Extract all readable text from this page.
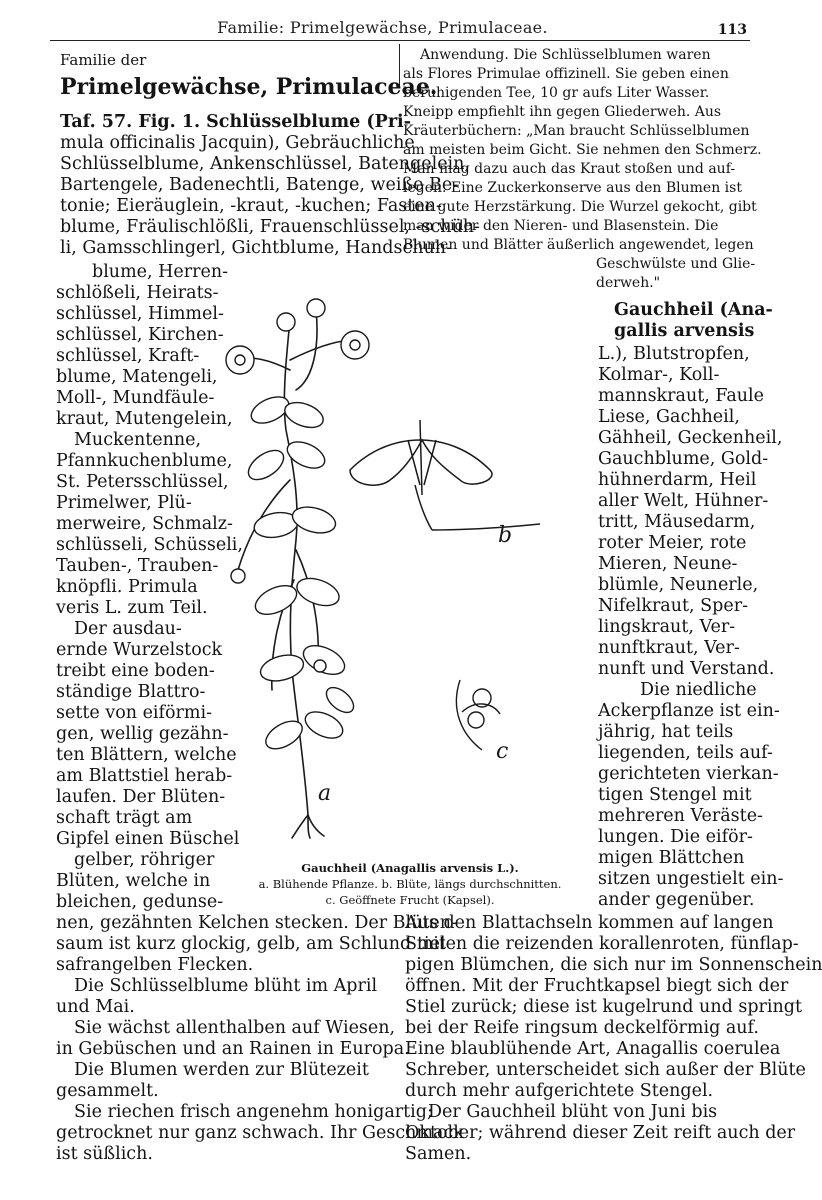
Familie: Primelgewächse, Primulaceae.	113

Familie der

Primelgewächse, Primulaceae.

Taf. 57. Fig. 1. Schlüsselblume (Pri-

mula officinalis Jacquin), Gebräuchliche

Schlüsselblume, Ankenschlüssel, Batengelein,

Bartengele, Badenechtli, Batenge, weiße Be-

tonie; Eieräuglein, -kraut, -kuchen; Fasten-

blume, Fräulischlößli, Frauenschlüssel, -schüh-

li, Gamsschlingerl, Gichtblume, Handschuh-

blume, Herren-

schlößeli, Heirats-

schlüssel, Himmel-

schlüssel, Kirchen-

schlüssel, Kraft-

blume, Matengeli,

Moll-, Mundfäule-

kraut, Mutengelein,

Muckentenne,

Pfannkuchenblume,

St. Petersschlüssel,

Primelwer, Plü-

merweire, Schmalz-

schlüsseli, Schüsseli,

Tauben-, Trauben-

knöpfli. Primula

veris L. zum Teil.

Der ausdau-

ernde Wurzelstock

treibt eine boden-

ständige Blattro-

sette von eiförmi-

gen, wellig gezähn-

ten Blättern, welche

am Blattstiel herab-

laufen. Der Blüten-

schaft trägt am

Gipfel einen Büschel

gelber, röhriger

Blüten, welche in

bleichen, gedunse-

nen, gezähnten Kelchen stecken. Der Blüten-

saum ist kurz glockig, gelb, am Schlund mit

safrangelben Flecken.

Die Schlüsselblume blüht im April

und Mai.

Sie wächst allenthalben auf Wiesen,

in Gebüschen und an Rainen in Europa.

Die Blumen werden zur Blütezeit

gesammelt.

Sie riechen frisch angenehm honigartig;

getrocknet nur ganz schwach. Ihr Geschmack

ist süßlich.

Anwendung. Die Schlüsselblumen waren

als Flores Primulae offizinell. Sie geben einen

beruhigenden Tee, 10 gr aufs Liter Wasser.

Kneipp empfiehlt ihn gegen Gliederweh. Aus

Kräuterbüchern: „Man braucht Schlüsselblumen

am meisten beim Gicht. Sie nehmen den Schmerz.

Man mag dazu auch das Kraut stoßen und auf-

legen. Eine Zuckerkonserve aus den Blumen ist

eine gute Herzstärkung. Die Wurzel gekocht, gibt

man wider den Nieren- und Blasenstein. Die

Blumen und Blätter äußerlich angewendet, legen

Geschwülste und Glie-

derweh."

Gauchheil (Ana-

gallis arvensis

L.), Blutstropfen,

Kolmar-, Koll-

mannskraut, Faule

Liese, Gachheil,

Gähheil, Geckenheil,

Gauchblume, Gold-

hühnerdarm, Heil

aller Welt, Hühner-

tritt, Mäusedarm,

roter Meier, rote

Mieren, Neune-

blümle, Neunerle,

Nifelkraut, Sper-

lingskraut, Ver-

nunftkraut, Ver-

nunft und Verstand.

Die niedliche

Ackerpflanze ist ein-

jährig, hat teils

liegenden, teils auf-

gerichteten vierkan-

tigen Stengel mit

mehreren Veräste-

lungen. Die eiför-

migen Blättchen

sitzen ungestielt ein-

ander gegenüber.

Aus den Blattachseln kommen auf langen

Stielen die reizenden korallenroten, fünflap-

pigen Blümchen, die sich nur im Sonnenschein

öffnen. Mit der Fruchtkapsel biegt sich der

Stiel zurück; diese ist kugelrund und springt

bei der Reife ringsum deckelförmig auf.

Eine blaublühende Art, Anagallis coerulea

Schreber, unterscheidet sich außer der Blüte

durch mehr aufgerichtete Stengel.

Der Gauchheil blüht von Juni bis

Oktober; während dieser Zeit reift auch der

Samen.

a
b
c

Gauchheil (Anagallis arvensis L.).

a. Blühende Pflanze. b. Blüte, längs durchschnitten.

c. Geöffnete Frucht (Kapsel).
